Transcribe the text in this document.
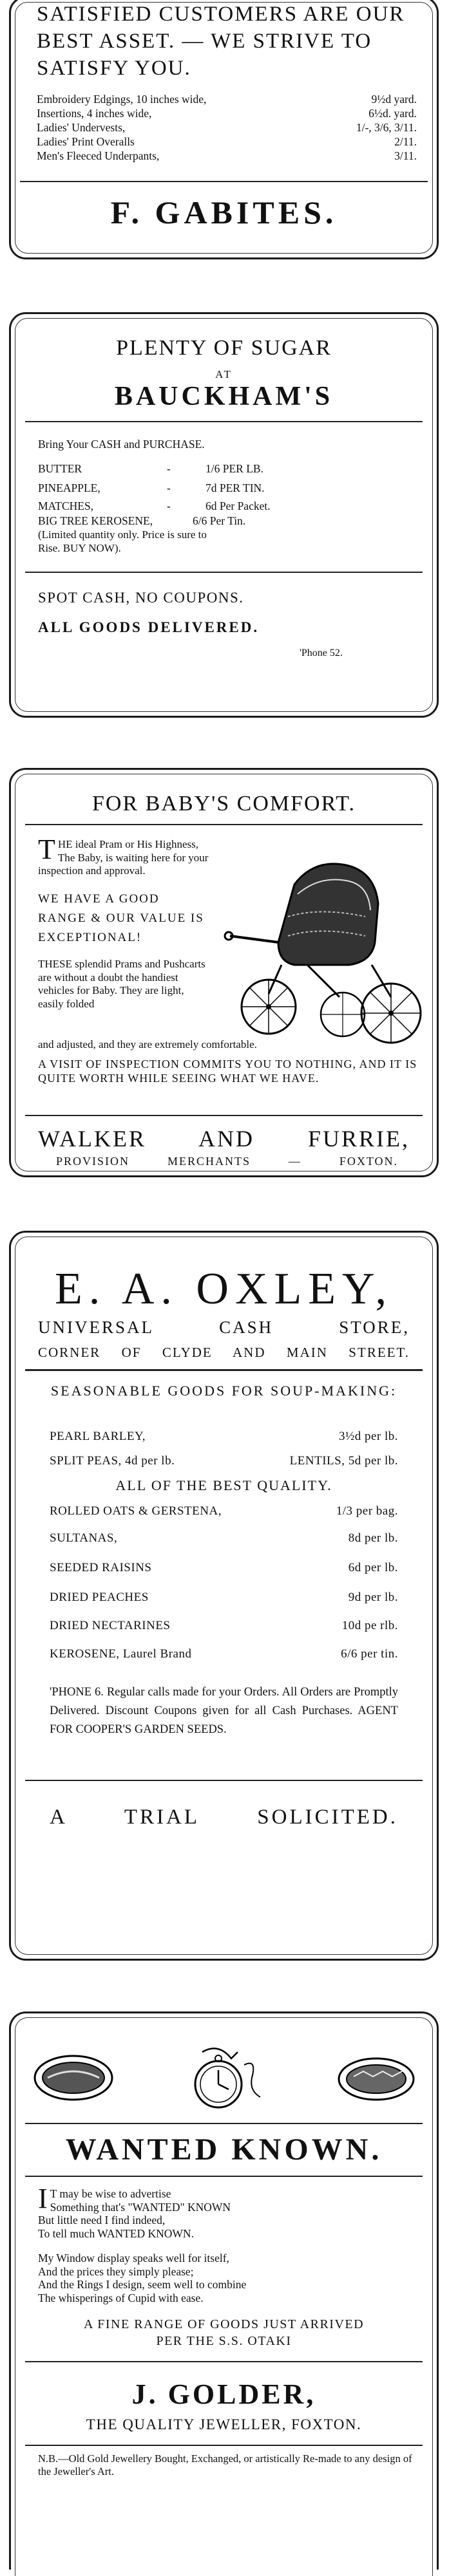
SATISFIED CUSTOMERS ARE OUR
BEST ASSET. — WE STRIVE TO
SATISFY YOU.
Embroidery Edgings, 10 inches wide,	9½d yard.
Insertions, 4 inches wide,	6½d. yard.
Ladies' Undervests,	1/-, 3/6, 3/11.
Ladies' Print Overalls	2/11.
Men's Fleeced Underpants,	3/11.
F. GABITES.
PLENTY OF SUGAR
AT
BAUCKHAM'S
Bring Your CASH and PURCHASE.
BUTTER	-	1/6 PER LB.
PINEAPPLE,	-	7d PER TIN.
MATCHES,	-	6d Per Packet.
BIG TREE KEROSENE,	6/6 Per Tin.
(Limited quantity only. Price is sure to Rise. BUY NOW).
SPOT CASH, NO COUPONS.
ALL GOODS DELIVERED.
'Phone 52.
FOR BABY'S COMFORT.
THE ideal Pram or His Highness, The Baby, is waiting here for your inspection and approval.
WE HAVE A GOOD RANGE & OUR VALUE IS EXCEPTIONAL!
THESE splendid Prams and Pushcarts are without a doubt the handiest vehicles for Baby. They are light, easily folded
and adjusted, and they are extremely comfortable.
A VISIT OF INSPECTION COMMITS YOU TO NOTHING, AND IT IS QUITE WORTH WHILE SEEING WHAT WE HAVE.
WALKER AND FURRIE,
PROVISION MERCHANTS — FOXTON.
E. A. OXLEY,
UNIVERSAL CASH STORE,
CORNER OF CLYDE AND MAIN STREET.
SEASONABLE GOODS FOR SOUP-MAKING:
PEARL BARLEY,	3½d per lb.
SPLIT PEAS, 4d per lb.	LENTILS, 5d per lb.
ALL OF THE BEST QUALITY.
ROLLED OATS & GERSTENA,	1/3 per bag.
SULTANAS,	8d per lb.
SEEDED RAISINS	6d per lb.
DRIED PEACHES	9d per lb.
DRIED NECTARINES	10d pe rlb.
KEROSENE, Laurel Brand	6/6 per tin.
'PHONE 6. Regular calls made for your Orders. All Orders are Promptly Delivered. Discount Coupons given for all Cash Purchases. AGENT FOR COOPER'S GARDEN SEEDS.
A TRIAL SOLICITED.
WANTED KNOWN.
I T may be wise to advertise
Something that's "WANTED" KNOWN
But little need I find indeed,
To tell much WANTED KNOWN.
My Window display speaks well for itself,
And the prices they simply please;
And the Rings I design, seem well to combine
The whisperings of Cupid with ease.
A FINE RANGE OF GOODS JUST ARRIVED
PER THE S.S. OTAKI
J. GOLDER,
THE QUALITY JEWELLER, FOXTON.
N.B.—Old Gold Jewellery Bought, Exchanged, or artistically Re-made to any design of the Jeweller's Art.
